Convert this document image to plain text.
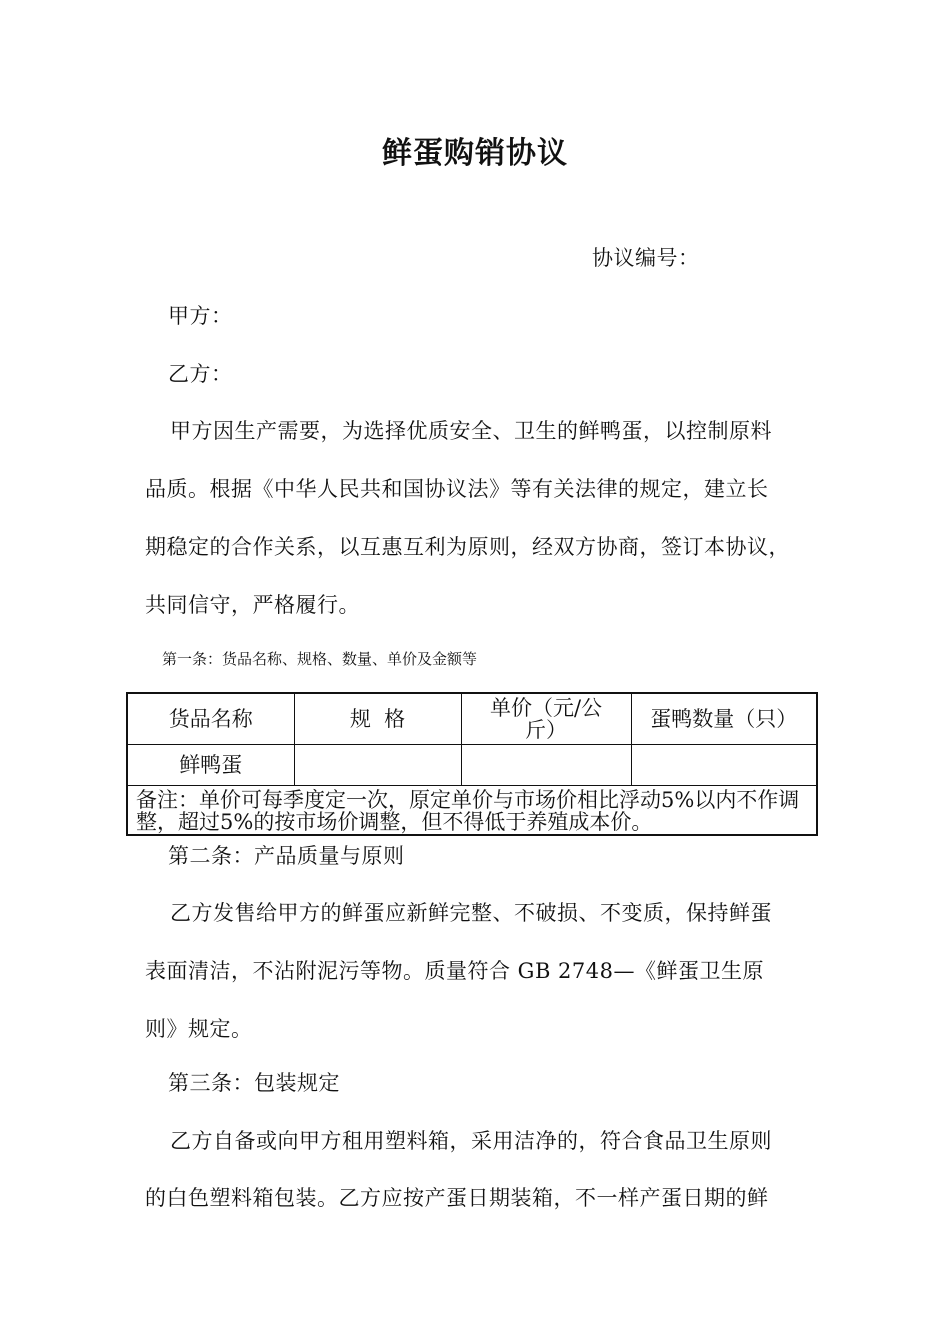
鲜蛋购销协议
协议编号：
甲方：
乙方：
甲方因生产需要，为选择优质安全、卫生的鲜鸭蛋，以控制原料
品质。根据《中华人民共和国协议法》等有关法律的规定，建立长
期稳定的合作关系，以互惠互利为原则，经双方协商，签订本协议，
共同信守，严格履行。
第一条：货品名称、规格、数量、单价及金额等
货品名称	规  格	单价（元/公斤）	蛋鸭数量（只）
鲜鸭蛋			
备注：单价可每季度定一次，原定单价与市场价相比浮动5%以内不作调整，超过5%的按市场价调整，但不得低于养殖成本价。			
第二条：产品质量与原则
乙方发售给甲方的鲜蛋应新鲜完整、不破损、不变质，保持鲜蛋
表面清洁，不沾附泥污等物。质量符合 GB 2748—《鲜蛋卫生原
则》规定。
第三条：包装规定
乙方自备或向甲方租用塑料箱，采用洁净的，符合食品卫生原则
的白色塑料箱包装。乙方应按产蛋日期装箱，不一样产蛋日期的鲜
